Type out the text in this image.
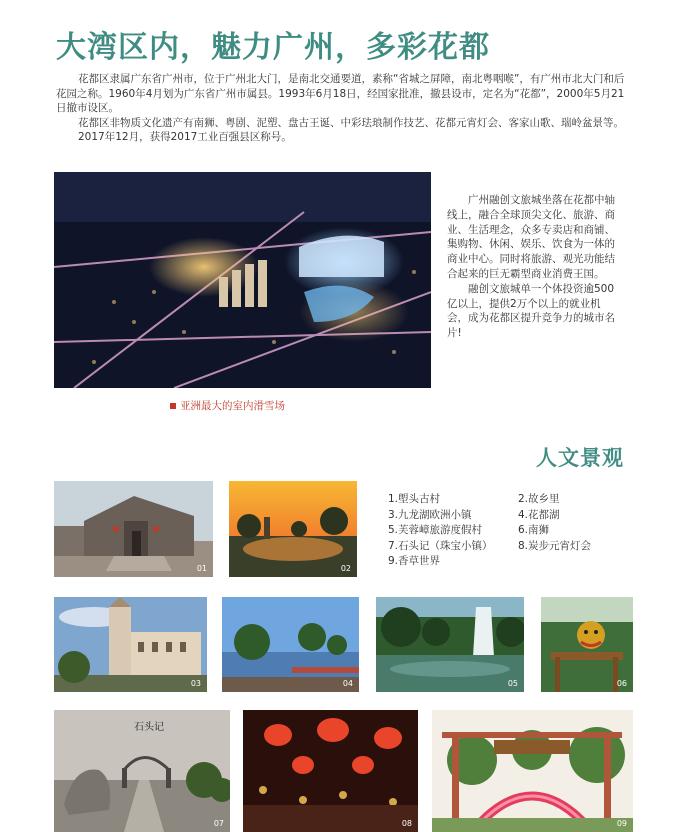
大湾区内，魅力广州，多彩花都

花都区隶属广东省广州市，位于广州北大门，是南北交通要道，素称“省城之屏障，南北粤咽喉”，有广州市北大门和后花园之称。1960年4月划为广东省广州市属县。1993年6月18日，经国家批准，撤县设市，定名为“花都”，2000年5月21日撤市设区。

花都区非物质文化遗产有南狮、粤剧、泥塑、盘古王诞、中彩珐琅制作技艺、花都元宵灯会、客家山歌、瑞岭盆景等。

2017年12月，获得2017工业百强县区称号。

广州融创文旅城坐落在花都中轴线上，融合全球顶尖文化、旅游、商业、生活理念，众多专卖店和商铺、集购物、休闲、娱乐、饮食为一体的商业中心。同时将旅游、观光功能结合起来的巨无霸型商业消费王国。

融创文旅城单一个体投资逾500亿以上，提供2万个以上的就业机会，成为花都区提升竞争力的城市名片!

亚洲最大的室内滑雪场
人文景观
1.塱头古村	2.故乡里
3.九龙湖欧洲小镇	4.花都湖
5.芙蓉嶂旅游度假村	6.南狮
7.石头记（珠宝小镇）	8.炭步元宵灯会
9.香草世界
01	02
03	04	05	06
石头记
07	08	09
